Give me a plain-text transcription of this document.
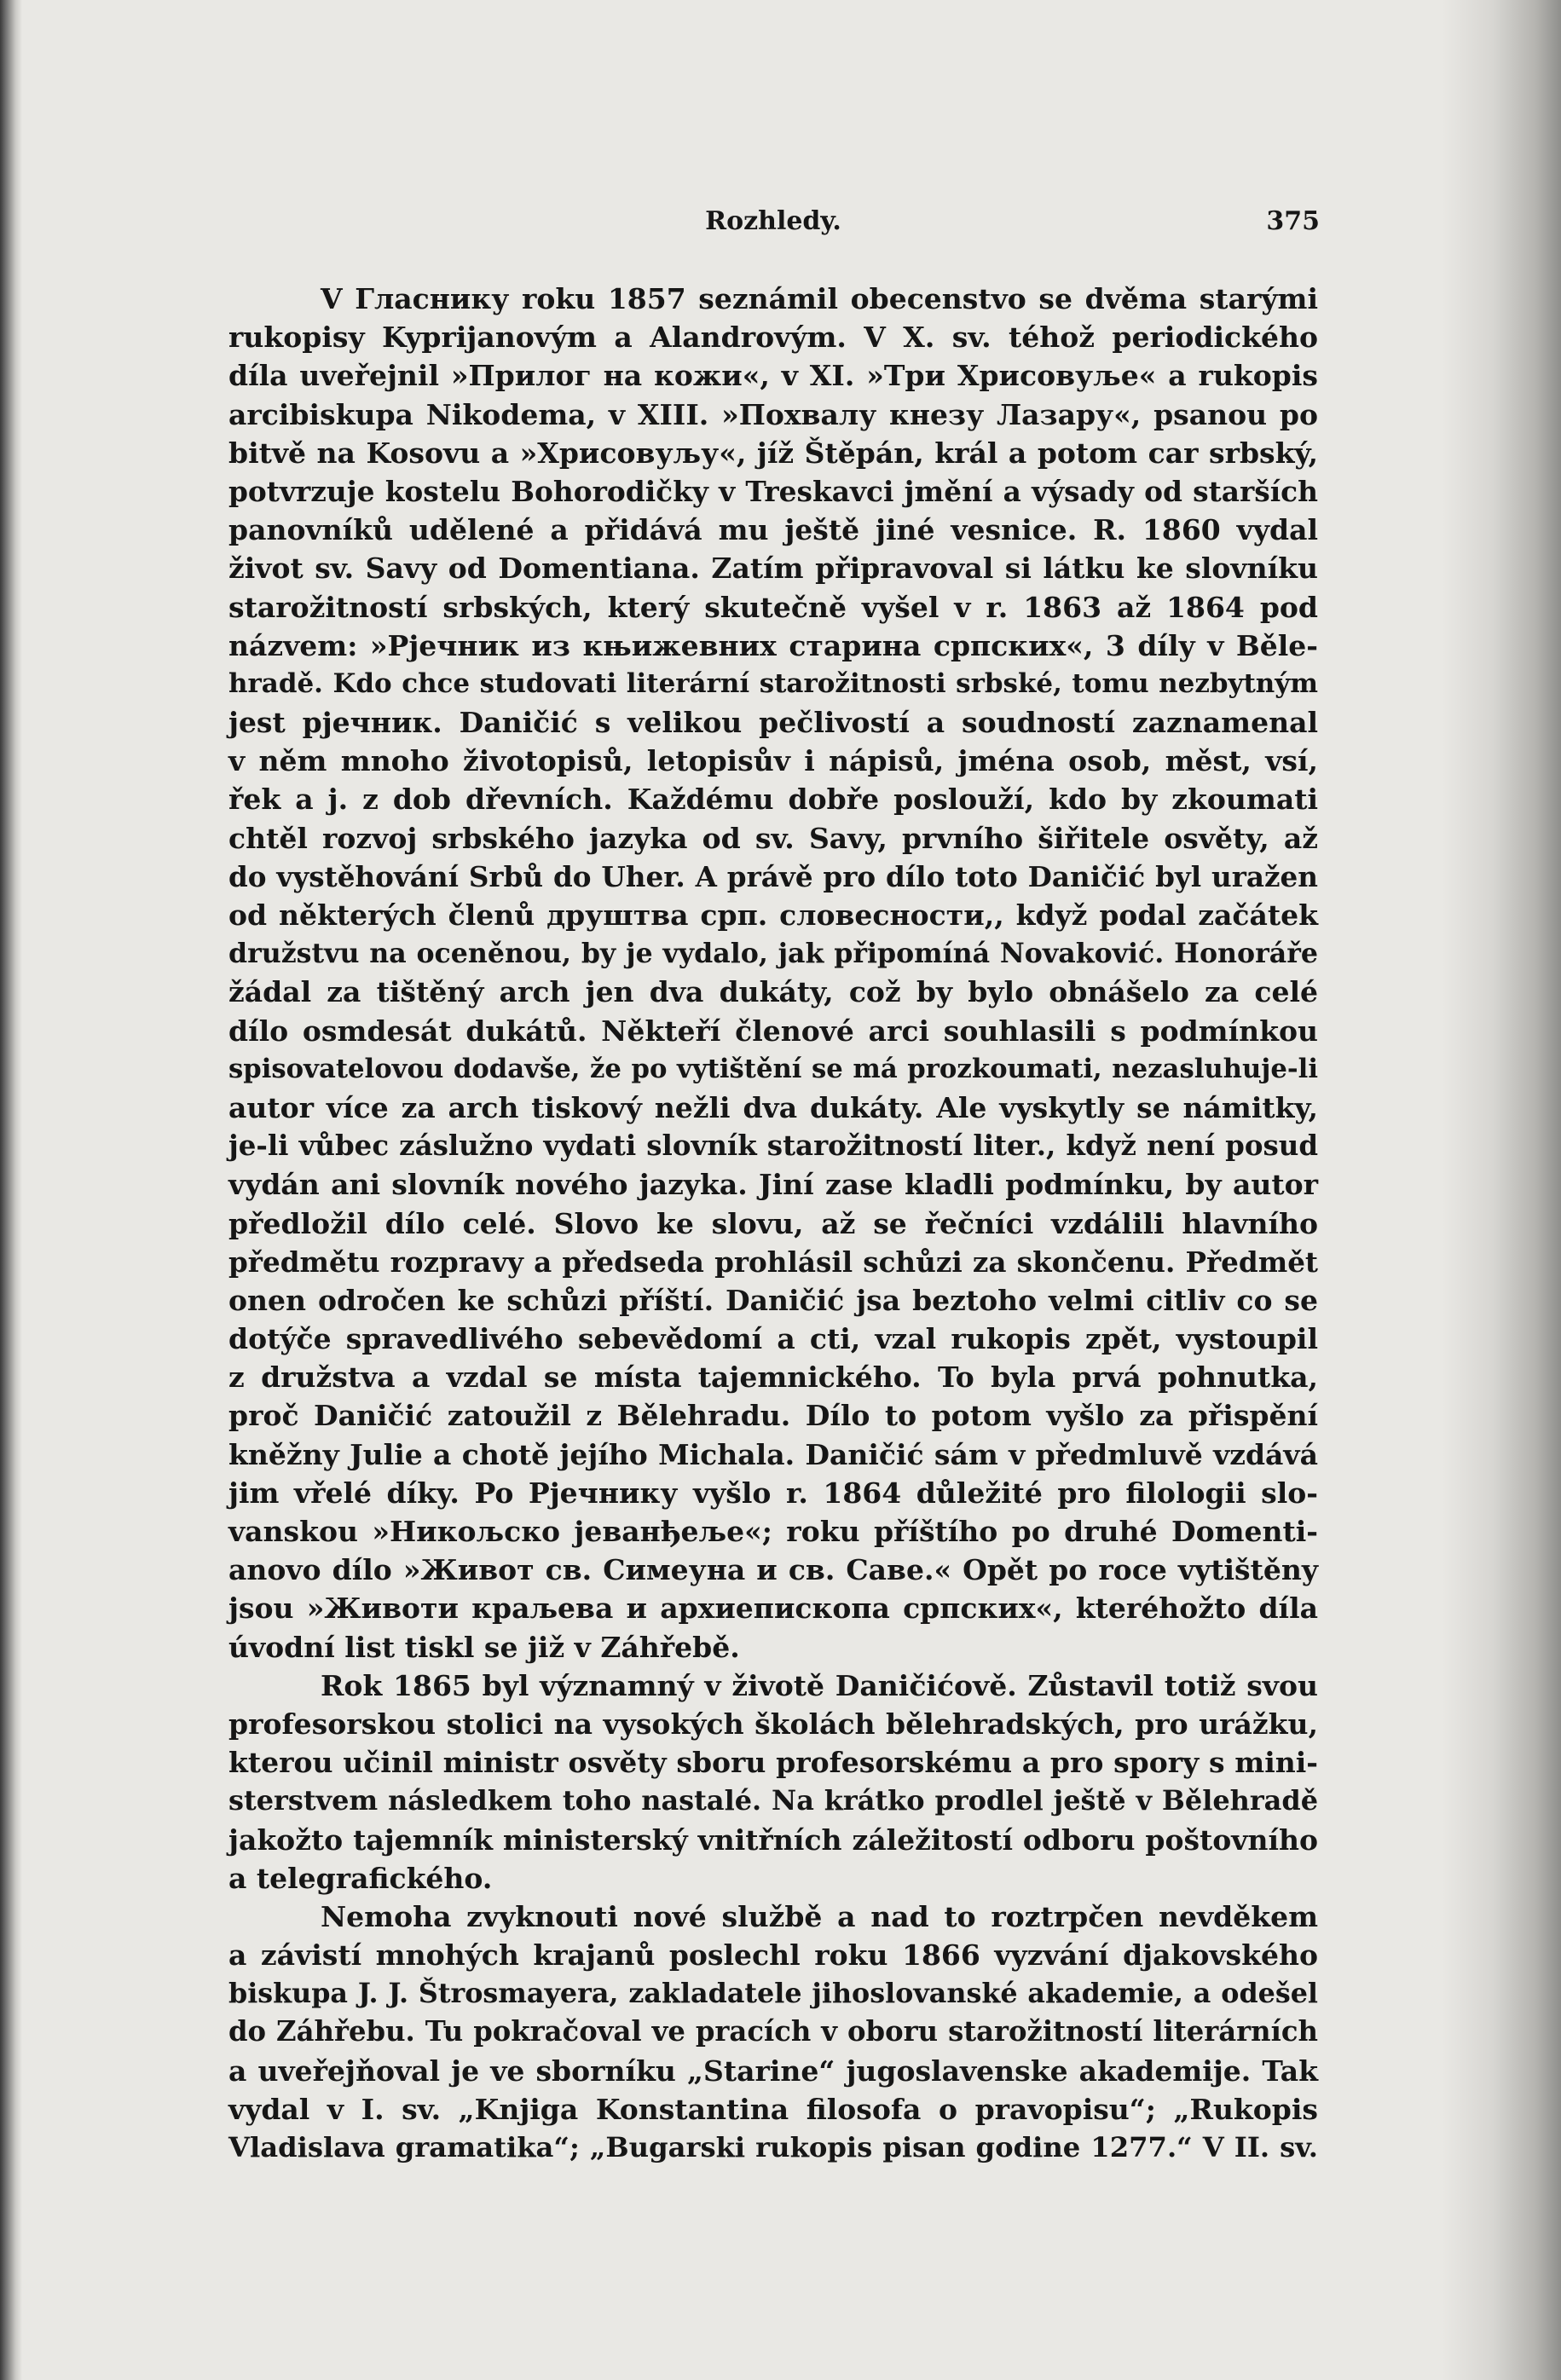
Rozhledy.	375
V Гласнику roku 1857 seznámil obecenstvo se dvěma starými
rukopisy Kyprijanovým a Alandrovým. V X. sv. téhož periodického
díla uveřejnil »Прилог на кожи«, v XI. »Три Хрисовуље« a rukopis
arcibiskupa Nikodema, v XIII. »Похвалу кнезу Лазару«, psanou po
bitvě na Kosovu a »Хрисовуљу«, jíž Štěpán, král a potom car srbský,
potvrzuje kostelu Bohorodičky v Treskavci jmění a výsady od starších
panovníků udělené a přidává mu ještě jiné vesnice. R. 1860 vydal
život sv. Savy od Domentiana. Zatím připravoval si látku ke slovníku
starožitností srbských, který skutečně vyšel v r. 1863 až 1864 pod
názvem: »Рјечник из књижевних старина српских«, 3 díly v Běle-
hradě. Kdo chce studovati literární starožitnosti srbské, tomu nezbytným
jest рјечник. Daničić s velikou pečlivostí a soudností zaznamenal
v něm mnoho životopisů, letopisův i nápisů, jména osob, měst, vsí,
řek a j. z dob dřevních. Každému dobře poslouží, kdo by zkoumati
chtěl rozvoj srbského jazyka od sv. Savy, prvního šiřitele osvěty, až
do vystěhování Srbů do Uher. A právě pro dílo toto Daničić byl uražen
od některých členů друштва срп. словесности,, když podal začátek
družstvu na oceněnou, by je vydalo, jak připomíná Novaković. Honoráře
žádal za tištěný arch jen dva dukáty, což by bylo obnášelo za celé
dílo osmdesát dukátů. Někteří členové arci souhlasili s podmínkou
spisovatelovou dodavše, že po vytištění se má prozkoumati, nezasluhuje-li
autor více za arch tiskový nežli dva dukáty. Ale vyskytly se námitky,
je-li vůbec záslužno vydati slovník starožitností liter., když není posud
vydán ani slovník nového jazyka. Jiní zase kladli podmínku, by autor
předložil dílo celé. Slovo ke slovu, až se řečníci vzdálili hlavního
předmětu rozpravy a předseda prohlásil schůzi za skončenu. Předmět
onen odročen ke schůzi příští. Daničić jsa beztoho velmi citliv co se
dotýče spravedlivého sebevědomí a cti, vzal rukopis zpět, vystoupil
z družstva a vzdal se místa tajemnického. To byla prvá pohnutka,
proč Daničić zatoužil z Bělehradu. Dílo to potom vyšlo za přispění
kněžny Julie a chotě jejího Michala. Daničić sám v předmluvě vzdává
jim vřelé díky. Po Рјечнику vyšlo r. 1864 důležité pro filologii slo-
vanskou »Никољско јеванђеље«; roku příštího po druhé Domenti-
anovo dílo »Живот св. Симеуна и св. Саве.« Opět po roce vytištěny
jsou »Животи краљева и архиепископа српских«, kteréhožto díla
úvodní list tiskl se již v Záhřebě.
Rok 1865 byl významný v životě Daničićově. Zůstavil totiž svou
profesorskou stolici na vysokých školách bělehradských, pro urážku,
kterou učinil ministr osvěty sboru profesorskému a pro spory s mini-
sterstvem následkem toho nastalé. Na krátko prodlel ještě v Bělehradě
jakožto tajemník ministerský vnitřních záležitostí odboru poštovního
a telegrafického.
Nemoha zvyknouti nové službě a nad to roztrpčen nevděkem
a závistí mnohých krajanů poslechl roku 1866 vyzvání djakovského
biskupa J. J. Štrosmayera, zakladatele jihoslovanské akademie, a odešel
do Záhřebu. Tu pokračoval ve pracích v oboru starožitností literárních
a uveřejňoval je ve sborníku „Starine“ jugoslavenske akademije. Tak
vydal v I. sv. „Knjiga Konstantina filosofa o pravopisu“; „Rukopis
Vladislava gramatika“; „Bugarski rukopis pisan godine 1277.“ V II. sv.
